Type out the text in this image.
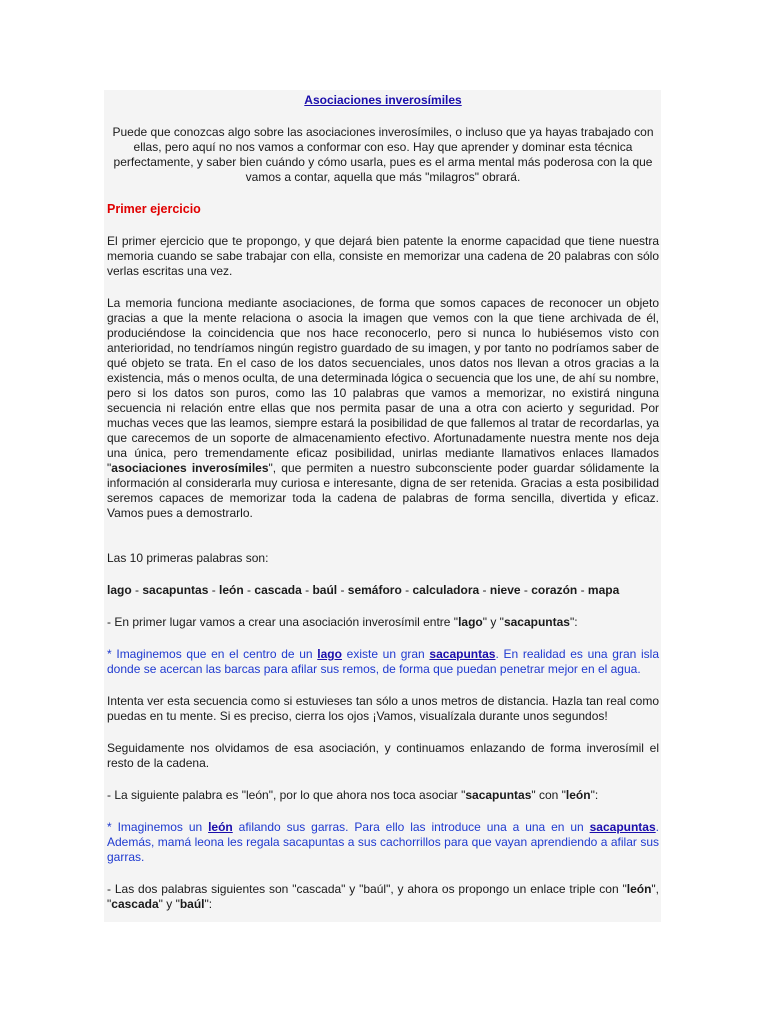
Asociaciones inverosímiles

Puede que conozcas algo sobre las asociaciones inverosímiles, o incluso que ya hayas trabajado con ellas, pero aquí no nos vamos a conformar con eso. Hay que aprender y dominar esta técnica perfectamente, y saber bien cuándo y cómo usarla, pues es el arma mental más poderosa con la que vamos a contar, aquella que más "milagros" obrará.

Primer ejercicio

El primer ejercicio que te propongo, y que dejará bien patente la enorme capacidad que tiene nuestra memoria cuando se sabe trabajar con ella, consiste en memorizar una cadena de 20 palabras con sólo verlas escritas una vez.

La memoria funciona mediante asociaciones, de forma que somos capaces de reconocer un objeto gracias a que la mente relaciona o asocia la imagen que vemos con la que tiene archivada de él, produciéndose la coincidencia que nos hace reconocerlo, pero si nunca lo hubiésemos visto con anterioridad, no tendríamos ningún registro guardado de su imagen, y por tanto no podríamos saber de qué objeto se trata. En el caso de los datos secuenciales, unos datos nos llevan a otros gracias a la existencia, más o menos oculta, de una determinada lógica o secuencia que los une, de ahí su nombre, pero si los datos son puros, como las 10 palabras que vamos a memorizar, no existirá ninguna secuencia ni relación entre ellas que nos permita pasar de una a otra con acierto y seguridad. Por muchas veces que las leamos, siempre estará la posibilidad de que fallemos al tratar de recordarlas, ya que carecemos de un soporte de almacenamiento efectivo. Afortunadamente nuestra mente nos deja una única, pero tremendamente eficaz posibilidad, unirlas mediante llamativos enlaces llamados "asociaciones inverosímiles", que permiten a nuestro subconsciente poder guardar sólidamente la información al considerarla muy curiosa e interesante, digna de ser retenida. Gracias a esta posibilidad seremos capaces de memorizar toda la cadena de palabras de forma sencilla, divertida y eficaz. Vamos pues a demostrarlo.

Las 10 primeras palabras son:

lago - sacapuntas - león - cascada - baúl - semáforo - calculadora - nieve - corazón - mapa

- En primer lugar vamos a crear una asociación inverosímil entre "lago" y "sacapuntas":

* Imaginemos que en el centro de un lago existe un gran sacapuntas. En realidad es una gran isla donde se acercan las barcas para afilar sus remos, de forma que puedan penetrar mejor en el agua.

Intenta ver esta secuencia como si estuvieses tan sólo a unos metros de distancia. Hazla tan real como puedas en tu mente. Si es preciso, cierra los ojos ¡Vamos, visualízala durante unos segundos!

Seguidamente nos olvidamos de esa asociación, y continuamos enlazando de forma inverosímil el resto de la cadena.

- La siguiente palabra es "león", por lo que ahora nos toca asociar "sacapuntas" con "león":

* Imaginemos un león afilando sus garras. Para ello las introduce una a una en un sacapuntas. Además, mamá leona les regala sacapuntas a sus cachorrillos para que vayan aprendiendo a afilar sus garras.

- Las dos palabras siguientes son "cascada" y "baúl", y ahora os propongo un enlace triple con "león", "cascada" y "baúl":
